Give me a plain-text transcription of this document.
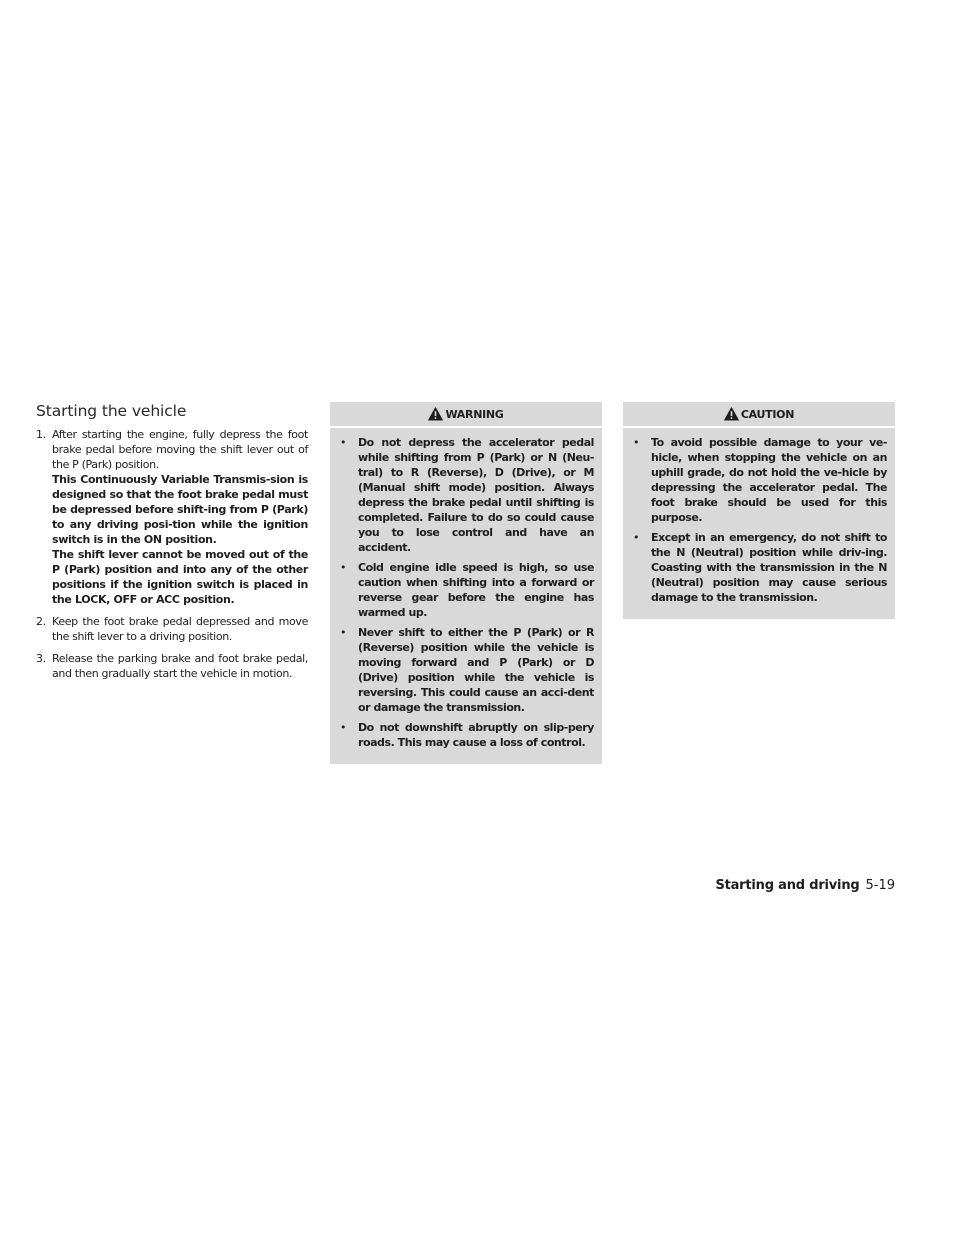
Starting the vehicle
1. After starting the engine, fully depress the foot brake pedal before moving the shift lever out of the P (Park) position.
This Continuously Variable Transmis-sion is designed so that the foot brake pedal must be depressed before shift-ing from P (Park) to any driving posi-tion while the ignition switch is in the ON position.
The shift lever cannot be moved out of the P (Park) position and into any of the other positions if the ignition switch is placed in the LOCK, OFF or ACC position.
2. Keep the foot brake pedal depressed and move the shift lever to a driving position.
3. Release the parking brake and foot brake pedal, and then gradually start the vehicle in motion.
WARNING
• Do not depress the accelerator pedal while shifting from P (Park) or N (Neu-tral) to R (Reverse), D (Drive), or M (Manual shift mode) position. Always depress the brake pedal until shifting is completed. Failure to do so could cause you to lose control and have an accident.
• Cold engine idle speed is high, so use caution when shifting into a forward or reverse gear before the engine has warmed up.
• Never shift to either the P (Park) or R (Reverse) position while the vehicle is moving forward and P (Park) or D (Drive) position while the vehicle is reversing. This could cause an acci-dent or damage the transmission.
• Do not downshift abruptly on slip-pery roads. This may cause a loss of control.
CAUTION
• To avoid possible damage to your ve-hicle, when stopping the vehicle on an uphill grade, do not hold the ve-hicle by depressing the accelerator pedal. The foot brake should be used for this purpose.
• Except in an emergency, do not shift to the N (Neutral) position while driv-ing. Coasting with the transmission in the N (Neutral) position may cause serious damage to the transmission.
Starting and driving 5-19
